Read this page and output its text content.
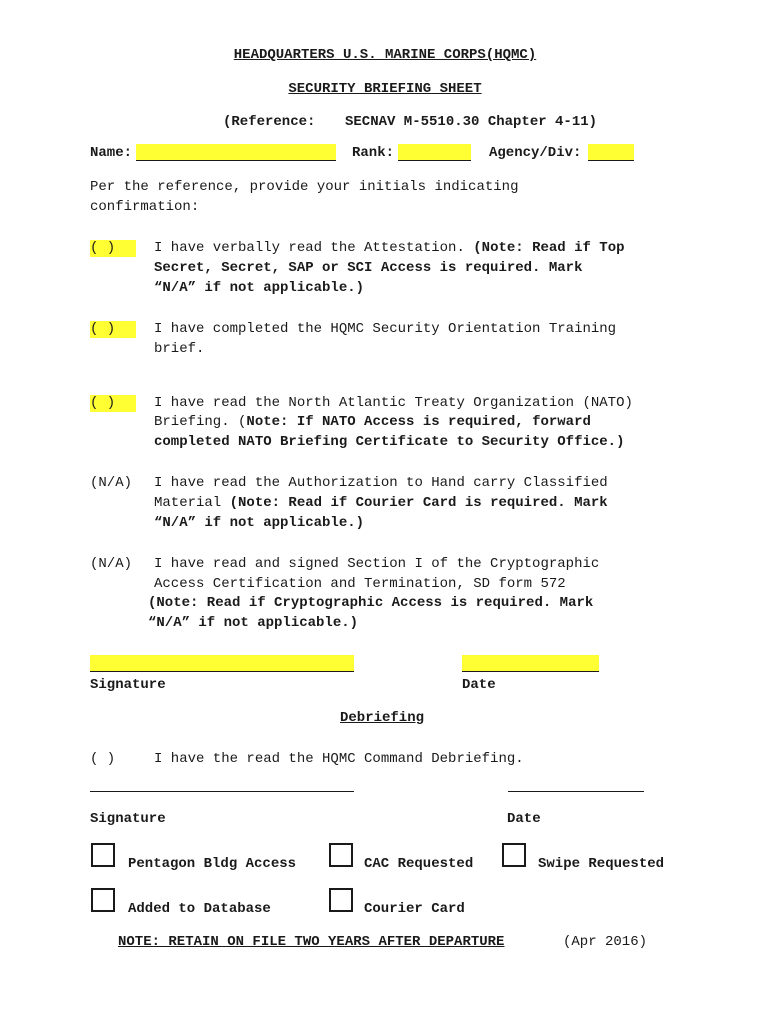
HEADQUARTERS U.S. MARINE CORPS(HQMC)
SECURITY BRIEFING SHEET
(Reference: SECNAV M-5510.30 Chapter 4-11)
Name:	Rank:	Agency/Div:
Per the reference, provide your initials indicating
confirmation:
( )	I have verbally read the Attestation. (Note: Read if Top
Secret, Secret, SAP or SCI Access is required. Mark
“N/A” if not applicable.)
( )	I have completed the HQMC Security Orientation Training
brief.
( )	I have read the North Atlantic Treaty Organization (NATO)
Briefing. (Note: If NATO Access is required, forward
completed NATO Briefing Certificate to Security Office.)
(N/A) I have read the Authorization to Hand carry Classified
Material (Note: Read if Courier Card is required. Mark
“N/A” if not applicable.)
(N/A) I have read and signed Section I of the Cryptographic
Access Certification and Termination, SD form 572
(Note: Read if Cryptographic Access is required. Mark
“N/A” if not applicable.)
Signature	Date
Debriefing
( )	I have the read the HQMC Command Debriefing.
Signature	Date
Pentagon Bldg Access	CAC Requested	Swipe Requested
Added to Database	Courier Card
NOTE: RETAIN ON FILE TWO YEARS AFTER DEPARTURE	(Apr 2016)
